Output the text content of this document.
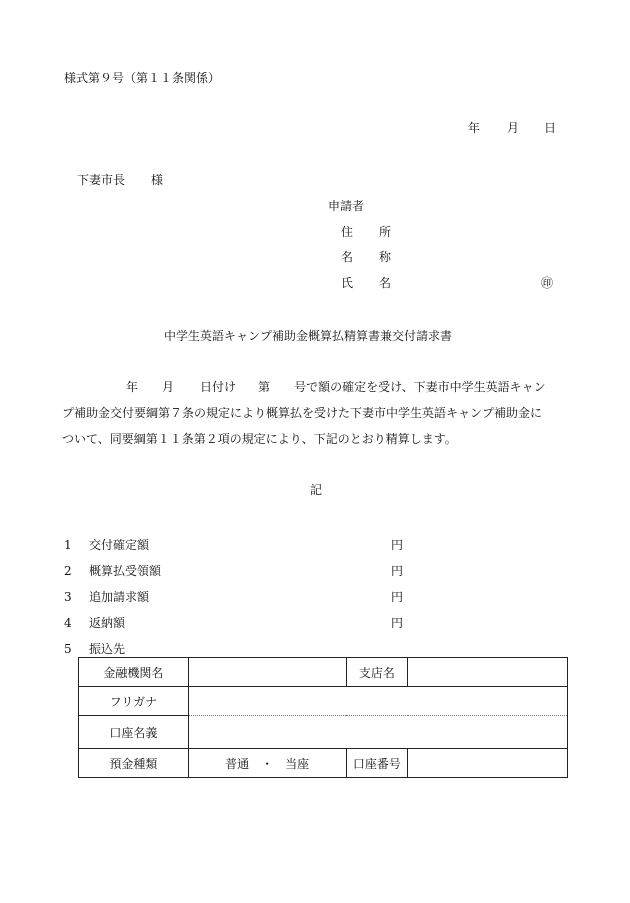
様式第９号（第１１条関係）
年 月 日
下妻市長 様
申請者
住 所
名 称
氏 名	㊞
中学生英語キャンプ補助金概算払精算書兼交付請求書
年 月 日付け 第 号で額の確定を受け、下妻市中学生英語キャン
プ補助金交付要綱第７条の規定により概算払を受けた下妻市中学生英語キャンプ補助金に
ついて、同要綱第１１条第２項の規定により、下記のとおり精算します。
記
1 交付確定額	円
2 概算払受領額	円
3 追加請求額	円
4 返納額	円
5 振込先
金融機関名		支店名	
フリガナ			
口座名義			
預金種類	普通　・　当座	口座番号	
